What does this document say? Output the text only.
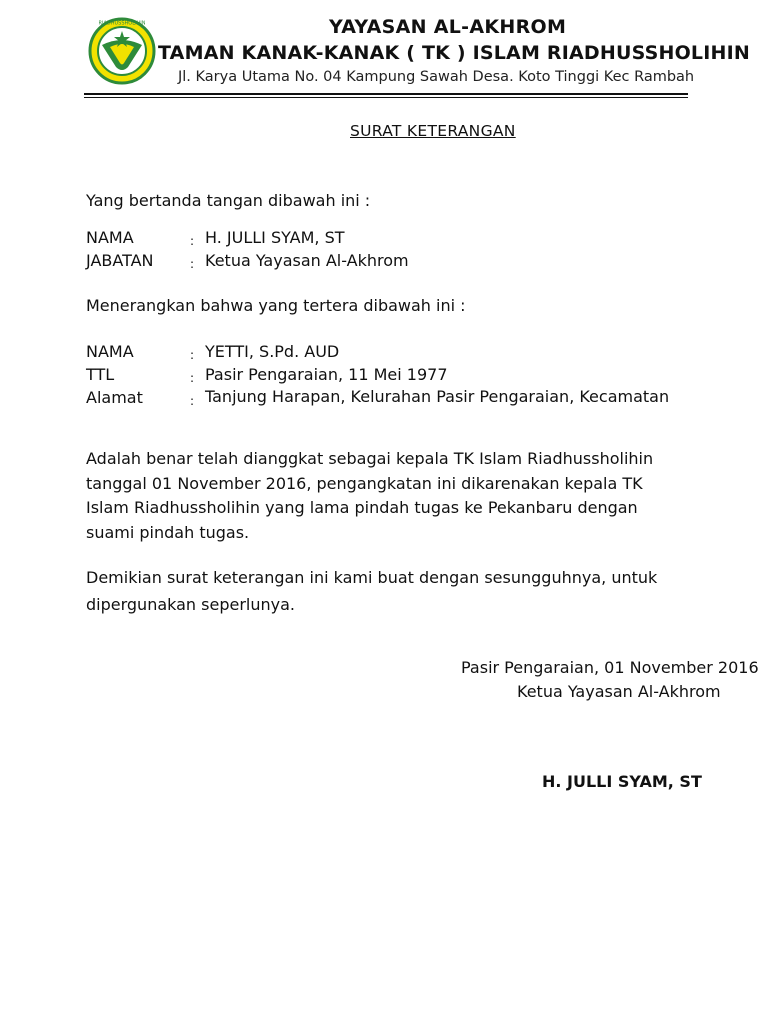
RIADHUSSHOLIHIN	YAYASAN AL-AKHROM
TAMAN KANAK-KANAK ( TK ) ISLAM RIADHUSSHOLIHIN
Jl. Karya Utama No. 04 Kampung Sawah Desa. Koto Tinggi Kec Rambah
SURAT KETERANGAN
Yang bertanda tangan dibawah ini :
NAMA	: H. JULLI SYAM, ST
JABATAN	: Ketua Yayasan Al-Akhrom
Menerangkan bahwa yang tertera dibawah ini :
NAMA	: YETTI, S.Pd. AUD
TTL	: Pasir Pengaraian, 11 Mei 1977
Alamat	: Tanjung Harapan, Kelurahan Pasir Pengaraian, Kecamatan
Adalah benar telah dianggkat sebagai kepala TK Islam Riadhussholihin
tanggal 01 November 2016, pengangkatan ini dikarenakan kepala TK
Islam Riadhussholihin yang lama pindah tugas ke Pekanbaru dengan
suami pindah tugas.
Demikian surat keterangan ini kami buat dengan sesungguhnya, untuk
dipergunakan seperlunya.
Pasir Pengaraian, 01 November 2016
Ketua Yayasan Al-Akhrom
H. JULLI SYAM, ST
